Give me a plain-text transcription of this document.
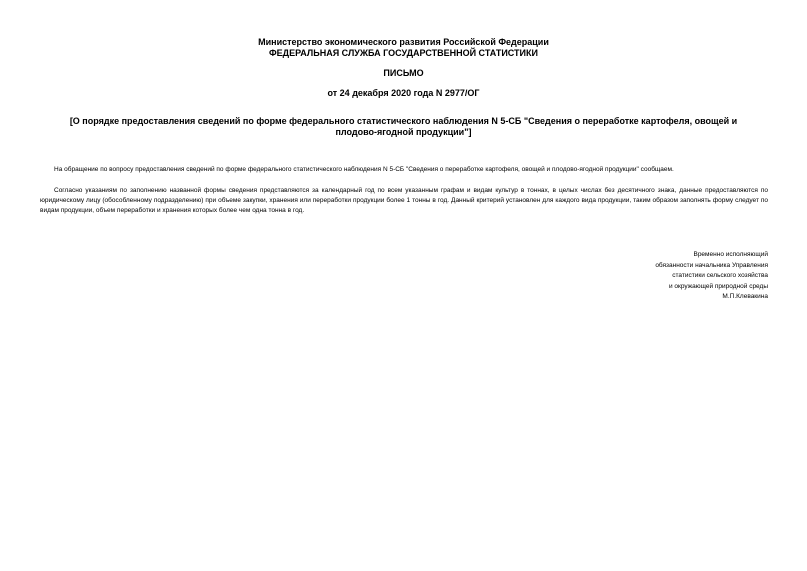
Министерство экономического развития Российской Федерации
ФЕДЕРАЛЬНАЯ СЛУЖБА ГОСУДАРСТВЕННОЙ СТАТИСТИКИ
ПИСЬМО
от 24 декабря 2020 года N 2977/ОГ
[О порядке предоставления сведений по форме федерального статистического наблюдения N 5-СБ "Сведения о переработке картофеля, овощей и плодово-ягодной продукции"]
На обращение по вопросу предоставления сведений по форме федерального статистического наблюдения N 5-СБ "Сведения о переработке картофеля, овощей и плодово-ягодной продукции" сообщаем.
Согласно указаниям по заполнению названной формы сведения представляются за календарный год по всем указанным графам и видам культур в тоннах, в целых числах без десятичного знака, данные предоставляются по юридическому лицу (обособленному подразделению) при объеме закупки, хранения или переработки продукции более 1 тонны в год. Данный критерий установлен для каждого вида продукции, таким образом заполнять форму следует по видам продукции, объем переработки и хранения которых более чем одна тонна в год.
Временно исполняющий
обязанности начальника Управления
статистики сельского хозяйства
и окружающей природной среды
М.П.Клевакина
